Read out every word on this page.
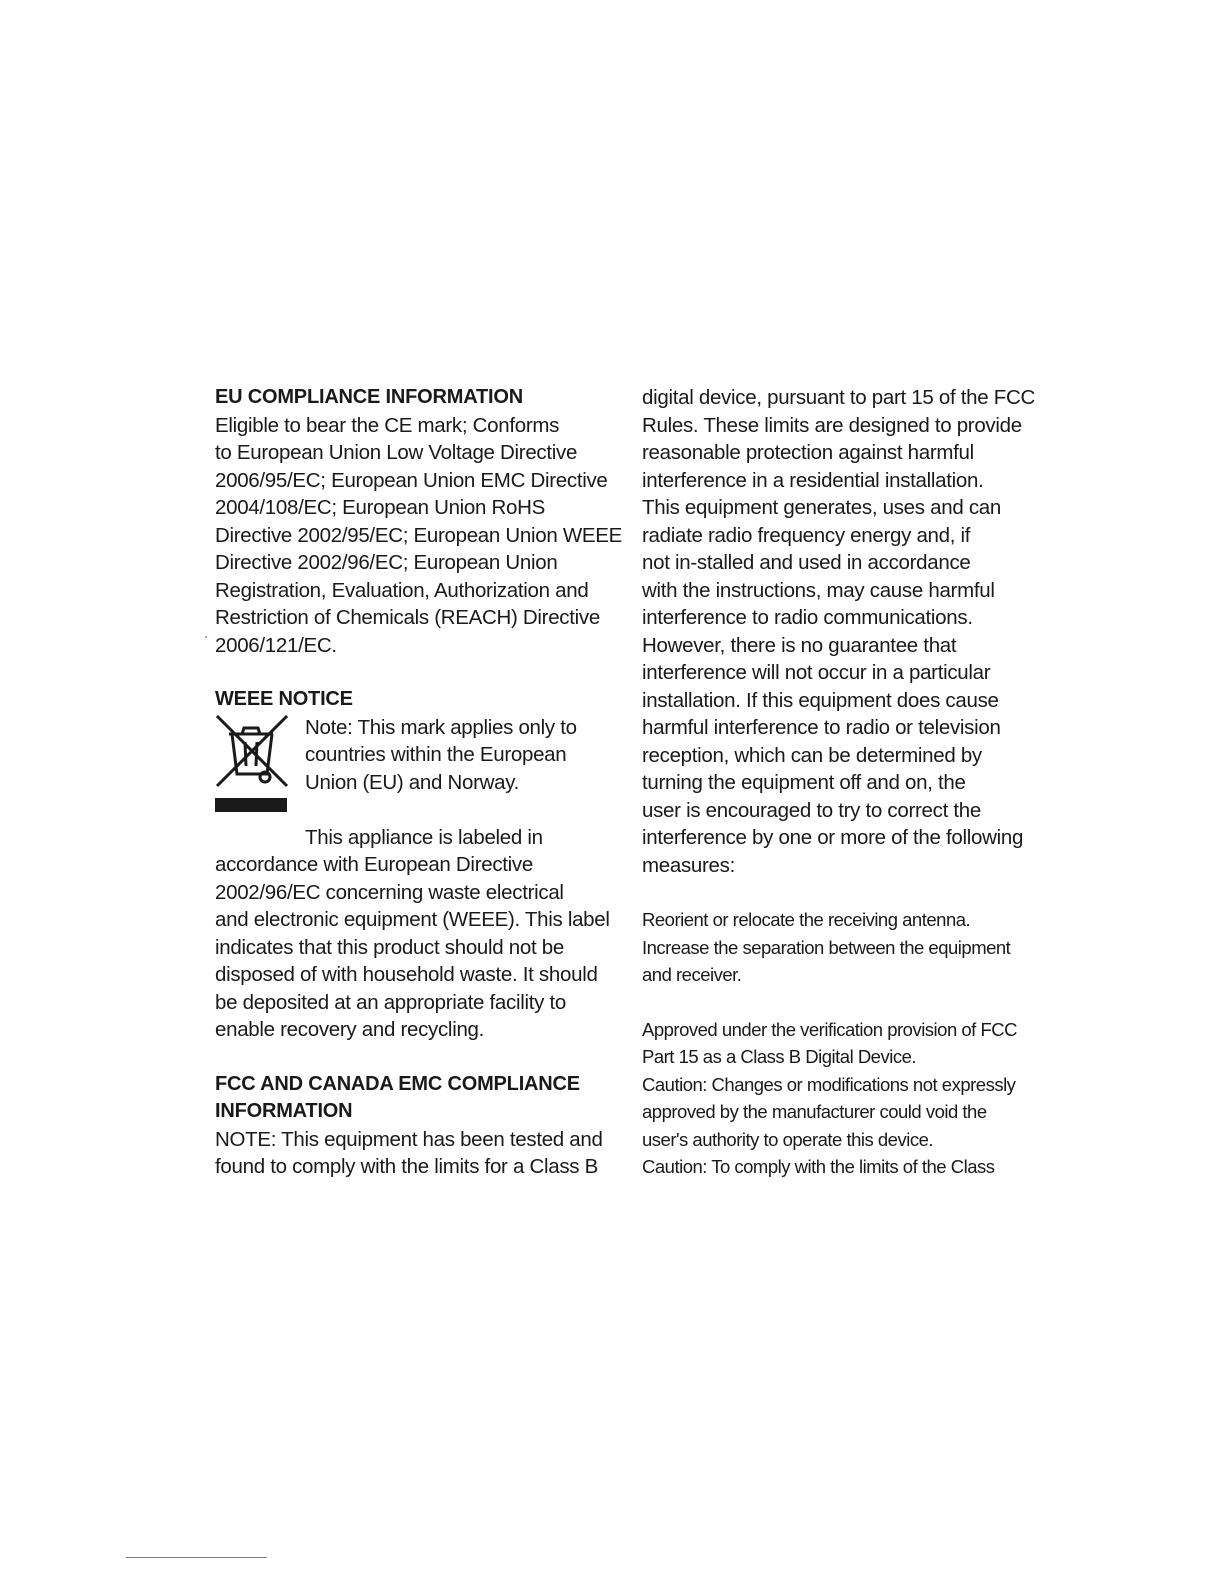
EU COMPLIANCE INFORMATION

Eligible to bear the CE mark; Conforms
to European Union Low Voltage Directive
2006/95/EC; European Union EMC Directive
2004/108/EC; European Union RoHS
Directive 2002/95/EC; European Union WEEE
Directive 2002/96/EC; European Union
Registration, Evaluation, Authorization and
Restriction of Chemicals (REACH) Directive
2006/121/EC.

WEEE NOTICE

Note: This mark applies only to
countries within the European
Union (EU) and Norway.
This appliance is labeled in
accordance with European Directive
2002/96/EC concerning waste electrical
and electronic equipment (WEEE). This label
indicates that this product should not be
disposed of with household waste. It should
be deposited at an appropriate facility to
enable recovery and recycling.

FCC AND CANADA EMC COMPLIANCE

INFORMATION

NOTE: This equipment has been tested and
found to comply with the limits for a Class B
digital device, pursuant to part 15 of the FCC
Rules. These limits are designed to provide
reasonable protection against harmful
interference in a residential installation.
This equipment generates, uses and can
radiate radio frequency energy and, if
not in-stalled and used in accordance
with the instructions, may cause harmful
interference to radio communications.
However, there is no guarantee that
interference will not occur in a particular
installation. If this equipment does cause
harmful interference to radio or television
reception, which can be determined by
turning the equipment off and on, the
user is encouraged to try to correct the
interference by one or more of the following
measures:
Reorient or relocate the receiving antenna.
Increase the separation between the equipment
and receiver.
Approved under the verification provision of FCC
Part 15 as a Class B Digital Device.
Caution: Changes or modifications not expressly
approved by the manufacturer could void the
user's authority to operate this device.
Caution: To comply with the limits of the Class
